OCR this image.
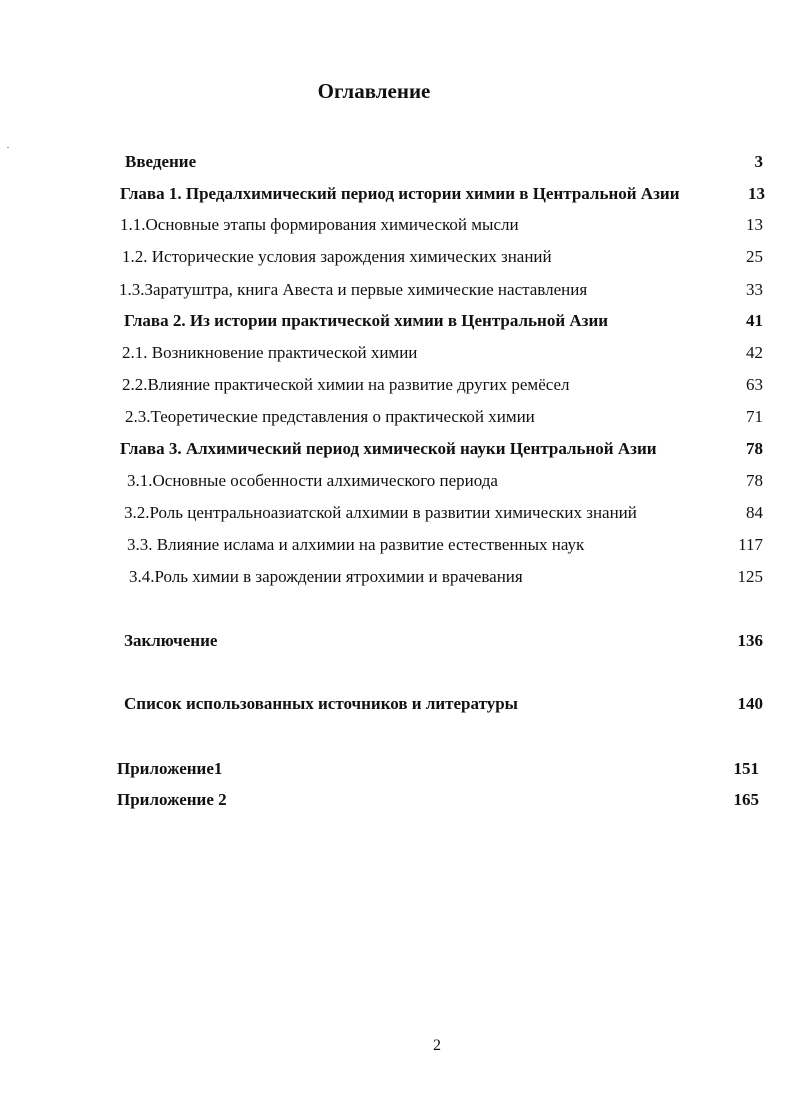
Оглавление
Введение	3
Глава 1. Предалхимический период истории химии в Центральной Азии	13
1.1.Основные этапы формирования химической мысли	13
1.2. Исторические условия зарождения химических знаний	25
1.3.Заратуштра, книга Авеста и первые химические наставления	33
Глава 2. Из истории практической химии в Центральной Азии	41
2.1. Возникновение практической химии	42
2.2.Влияние практической химии на развитие других ремёсел	63
2.3.Теоретические представления о практической химии	71
Глава 3. Алхимический период химической науки Центральной Азии	78
3.1.Основные особенности алхимического периода	78
3.2.Роль центральноазиатской алхимии в развитии химических знаний	84
3.3. Влияние ислама и алхимии на развитие естественных наук	117
3.4.Роль химии в зарождении ятрохимии и врачевания	125
Заключение	136
Список использованных источников и литературы	140
Приложение1	151
Приложение 2	165
2
